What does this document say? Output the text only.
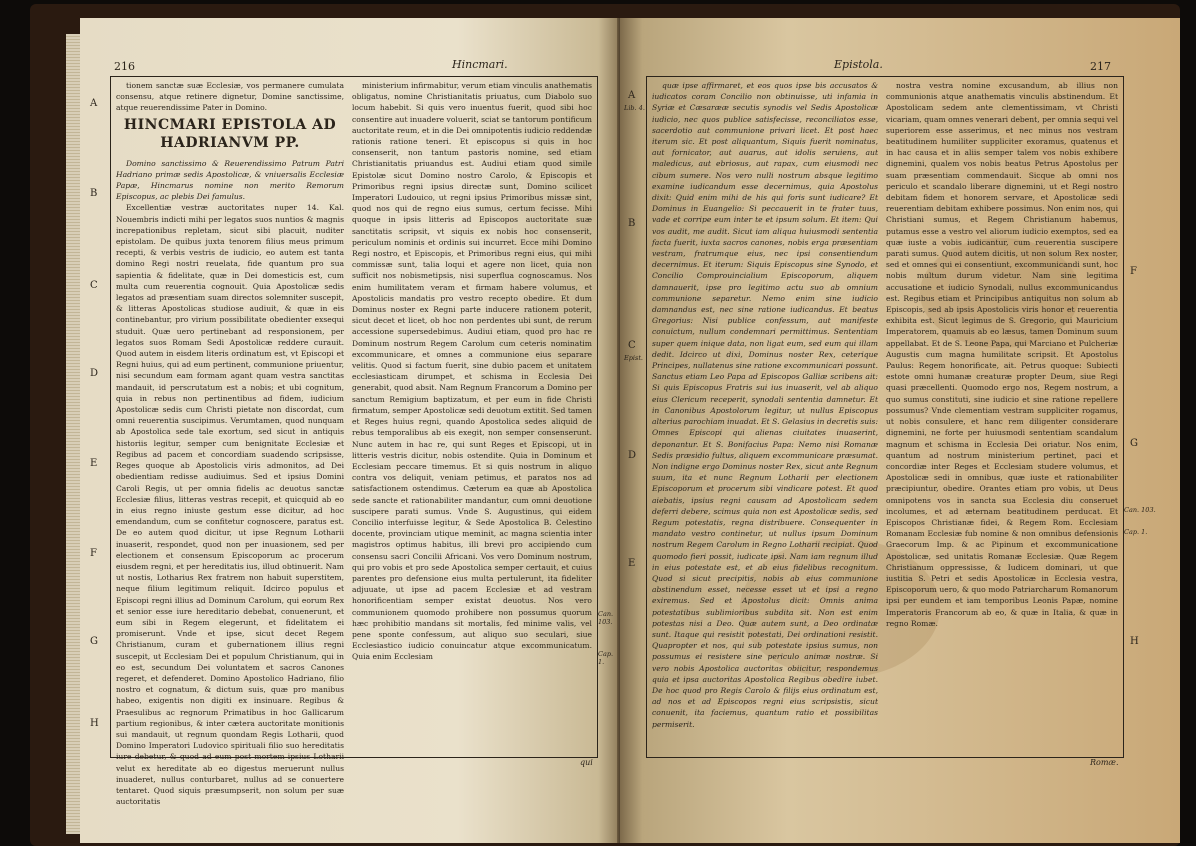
216	Hincmari.

tionem sanctæ suæ Ecclesiæ, vos permanere cumulata consensu, atque retinere dignetur, Domine sanctissime, atque reuerendissime Pater in Domino.

HINCMARI EPISTOLA AD HADRIANVM PP.

Domino sanctissimo & Reuerendissimo Patrum Patri Hadriano primæ sedis Apostolicæ, & vniuersalis Ecclesiæ Papæ, Hincmarus nomine non merito Remorum Episcopus, ac plebis Dei famulus.

Excellentiæ vestræ auctoritates nuper 14. Kal. Nouembris indicti mihi per legatos suos nuntios & magnis increpationibus repletam, sicut sibi placuit, nuditer epistolam. De quibus juxta tenorem filius meus primum recepti, & verbis vestris de iudicio, eo autem est tanta domino Regi nostri reuelata, fide quantum pro sua sapientia & fidelitate, quæ in Dei domesticis est, cum multa cum reuerentia cognouit. Quia Apostolicæ sedis legatos ad præsentiam suam directos solemniter suscepit, & litteras Apostolicas studiose audiuit, & quæ in eis continebantur, pro virium possibilitate obedienter exsequi studuit. Quæ uero pertinebant ad responsionem, per legatos suos Romam Sedi Apostolicæ reddere curauit. Quod autem in eisdem literis ordinatum est, vt Episcopi et Regni huius, qui ad eum pertinent, communione priuentur, nisi secundum eam formam agant quam vestra sanctitas mandauit, id perscrutatum est a nobis; et ubi cognitum, quia in rebus non pertinentibus ad fidem, iudicium Apostolicæ sedis cum Christi pietate non discordat, cum omni reuerentia suscipimus. Verumtamen, quod nunquam ab Apostolica sede tale exortum, sed sicut in antiquis historiis legitur, semper cum benignitate Ecclesiæ et Regibus ad pacem et concordiam suadendo scripsisse, Reges quoque ab Apostolicis viris admonitos, ad Dei obedientiam redisse audiuimus. Sed et ipsius Domini Caroli Regis, ut per omnia fidelis ac deuotus sanctæ Ecclesiæ filius, litteras vestras recepit, et quicquid ab eo in eius regno iniuste gestum esse dicitur, ad hoc emendandum, cum se confitetur cognoscere, paratus est. De eo autem quod dicitur, ut ipse Regnum Lotharii inuaserit, respondet, quod non per inuasionem, sed per electionem et consensum Episcoporum ac procerum eiusdem regni, et per hereditatis ius, illud obtinuerit. Nam ut nostis, Lotharius Rex fratrem non habuit superstitem, neque filium legitimum reliquit. Idcirco populus et Episcopi regni illius ad Dominum Carolum, qui eorum Rex et senior esse iure hereditario debebat, conuenerunt, et eum sibi in Regem elegerunt, et fidelitatem ei promiserunt. Vnde et ipse, sicut decet Regem Christianum, curam et gubernationem illius regni suscepit, ut Ecclesiam Dei et populum Christianum, qui in eo est, secundum Dei voluntatem et sacros Canones regeret, et defenderet. Domino Apostolico Hadriano, filio nostro et cognatum, & dictum suis, quæ pro manibus habeo, exigentis non digiti ex insinuare. Regibus & Praesulibus ac regnorum Primatibus in hoc Gallicarum partium regionibus, & inter cætera auctoritate monitionis sui mandauit, ut regnum quondam Regis Lotharii, quod Domino Imperatori Ludovico spirituali filio suo hereditatis iure debetur, & quod ad eum post mortem ipsius Lotharii velut ex hereditate ab eo digestus meruerunt nullus inuaderet, nullus conturbaret, nullus ad se conuertere tentaret. Quod siquis præsumpserit, non solum per suæ auctoritatis

ministerium infirmabitur, verum etiam vinculis anathematis obligatus, nomine Christianitatis priuatus, cum Diabolo suo locum habebit. Si quis vero inuentus fuerit, quod sibi hoc consentire aut inuadere voluerit, sciat se tantorum pontificum auctoritate reum, et in die Dei omnipotentis iudicio reddendæ rationis ratione teneri. Et episcopus si quis in hoc consenserit, non tantum pastoris nomine, sed etiam Christianitatis priuandus est. Audiui etiam quod simile Epistolæ sicut Domino nostro Carolo, & Episcopis et Primoribus regni ipsius directæ sunt, Domino scilicet Imperatori Ludouico, ut regni ipsius Primoribus missæ sint, quod nos qui de regno eius sumus, certum fecisse. Mihi quoque in ipsis litteris ad Episcopos auctoritate suæ sanctitatis scripsit, vt siquis ex nobis hoc consenserit, periculum nominis et ordinis sui incurret. Ecce mihi Domino Regi nostro, et Episcopis, et Primoribus regni eius, qui mihi commissæ sunt, talia loqui et agere non licet, quia non sufficit nos nobismetipsis, nisi superflua cognoscamus. Nos enim humilitatem veram et firmam habere volumus, et Apostolicis mandatis pro vestro recepto obedire. Et dum Dominus noster ex Regni parte inducere rationem poterit, sicut decet et licet, ob hoc non perdentes ubi sunt, de rerum accessione supersedebimus. Audiui etiam, quod pro hac re Dominum nostrum Regem Carolum cum ceteris nominatim excommunicare, et omnes a communione eius separare velitis. Quod si factum fuerit, sine dubio pacem et unitatem ecclesiasticam dirumpet, et schisma in Ecclesia Dei generabit, quod absit. Nam Regnum Francorum a Domino per sanctum Remigium baptizatum, et per eum in fide Christi firmatum, semper Apostolicæ sedi deuotum extitit. Sed tamen et Reges huius regni, quando Apostolica sedes aliquid de rebus temporalibus ab eis exegit, non semper consenserunt. Nunc autem in hac re, qui sunt Reges et Episcopi, ut in litteris vestris dicitur, nobis ostendite. Quia in Dominum et Ecclesiam peccare timemus. Et si quis nostrum in aliquo contra vos deliquit, veniam petimus, et paratos nos ad satisfactionem ostendimus. Cæterum ea quæ ab Apostolica sede sancte et rationabiliter mandantur, cum omni deuotione suscipere parati sumus. Vnde S. Augustinus, qui eidem Concilio interfuisse legitur, & Sede Apostolica B. Celestino docente, provinciam utique meminit, ac magna scientia inter magistros optimus habitus, illi brevi pro accipiendo cum consensu sacri Concilii Africani. Vos vero Dominum nostrum, qui pro vobis et pro sede Apostolica semper certauit, et cuius parentes pro defensione eius multa pertulerunt, ita fideliter adjuuate, ut ipse ad pacem Ecclesiæ et ad vestram honorificentiam semper existat deuotus. Nos vero communionem quomodo prohibere non possumus quorum hæc prohibitio mandans sit mortalis, fed minime valis, vel pene sponte confessum, aut aliquo suo seculari, siue Ecclesiastico iudicio conuincatur atque excommunicatum. Quia enim Ecclesiam

A
B
C
D
E
F
G
H
Can. 103.
Cap. 1.
qui
Epistola.	217

quæ ipse affirmaret, et eos quos ipse bis accusatos & iudicatos coram Concilio non obtinuisse, uti infamia in Syriæ et Cæsarææ secutis synodis vel Sedis Apostolicæ iudicio, nec quos publice satisfecisse, reconciliatos esse, sacerdotio aut communione privari licet. Et post haec iterum sic. Et post aliquantum, Siquis fuerit nominatus, aut fornicator, aut auarus, aut idolis seruiens, aut maledicus, aut ebriosus, aut rapax, cum eiusmodi nec cibum sumere. Nos vero nulli nostrum absque legitimo examine iudicandum esse decernimus, quia Apostolus dixit: Quid enim mihi de his qui foris sunt iudicare? Et Dominus in Euangelio: Si peccauerit in te frater tuus, vade et corripe eum inter te et ipsum solum. Et item: Qui vos audit, me audit. Sicut iam aliqua huiusmodi sententia facta fuerit, iuxta sacros canones, nobis erga præsentiam vestram, fratrumque eius, nec ipsi consentiendum decernimus. Et iterum: Siquis Episcopus sine Synodo, et Concilio Comprouincialium Episcoporum, aliquem damnauerit, ipse pro legitimo actu suo ab omnium communione separetur. Nemo enim sine iudicio damnandus est, nec sine ratione iudicandus. Et beatus Gregorius: Nisi publice confessum, aut manifeste conuictum, nullum condemnari permittimus. Sententiam super quem inique data, non ligat eum, sed eum qui illam dedit. Idcirco ut dixi, Dominus noster Rex, ceterique Principes, nullatenus sine ratione excommunicari possunt. Sanctus etiam Leo Papa ad Episcopos Galliæ scribens ait: Si quis Episcopus Fratris sui ius inuaserit, vel ab aliquo eius Clericum receperit, synodali sententia damnetur. Et in Canonibus Apostolorum legitur, ut nullus Episcopus alterius parochiam inuadat. Et S. Gelasius in decretis suis: Omnes Episcopi qui alienas ciuitates inuaserint, deponantur. Et S. Bonifacius Papa: Nemo nisi Romanæ Sedis præsidio fultus, aliquem excommunicare præsumat. Non indigne ergo Dominus noster Rex, sicut ante Regnum suum, ita et nunc Regnum Lotharii per electionem Episcoporum et procerum sibi vindicare potest. Et quod aiebatis, ipsius regni causam ad Apostolicam sedem deferri debere, scimus quia non est Apostolicæ sedis, sed Regum potestatis, regna distribuere. Consequenter in mandato vestro continetur, ut nullus ipsum Dominum nostrum Regem Carolum in Regno Lotharii recipiat. Quod quomodo fieri possit, iudicate ipsi. Nam iam regnum illud in eius potestate est, et ab eius fidelibus recognitum. Quod si sicut precipitis, nobis ab eius communione abstinendum esset, necesse esset ut et ipsi a regno exiremus. Sed et Apostolus dicit: Omnis anima potestatibus sublimioribus subdita sit. Non est enim potestas nisi a Deo. Quæ autem sunt, a Deo ordinatæ sunt. Itaque qui resistit potestati, Dei ordinationi resistit. Quapropter et nos, qui sub potestate ipsius sumus, non possumus ei resistere sine periculo animæ nostræ. Si vero nobis Apostolica auctoritas obiicitur, respondemus quia et ipsa auctoritas Apostolica Regibus obedire iubet. De hoc quod pro Regis Carolo & filijs eius ordinatum est, ad nos et ad Episcopos regni eius scripsistis, sicut conuenit, ita faciemus, quantum ratio et possibilitas permiserit.

nostra vestra nomine excusandum, ab illius non communionis atque anathematis vinculis abstinendum. Et Apostolicam sedem ante clementissimam, vt Christi vicariam, quam omnes venerari debent, per omnia sequi vel superiorem esse asserimus, et nec minus nos vestram beatitudinem humiliter suppliciter exoramus, quatenus et in hac causa et in aliis semper talem vos nobis exhibere dignemini, qualem vos nobis beatus Petrus Apostolus per suam præsentiam commendauit. Sicque ab omni nos periculo et scandalo liberare dignemini, ut et Regi nostro debitam fidem et honorem servare, et Apostolicæ sedi reuerentiam debitam exhibere possimus. Non enim nos, qui Christiani sumus, et Regem Christianum habemus, putamus esse a vestro vel aliorum iudicio exemptos, sed ea quæ iuste a vobis iudicantur, cum reuerentia suscipere parati sumus. Quod autem dicitis, ut non solum Rex noster, sed et omnes qui ei consentiunt, excommunicandi sunt, hoc nobis multum durum videtur. Nam sine legitima accusatione et iudicio Synodali, nullus excommunicandus est. Regibus etiam et Principibus antiquitus non solum ab Episcopis, sed ab ipsis Apostolicis viris honor et reuerentia exhibita est. Sicut legimus de S. Gregorio, qui Mauricium Imperatorem, quamuis ab eo læsus, tamen Dominum suum appellabat. Et de S. Leone Papa, qui Marciano et Pulcheriæ Augustis cum magna humilitate scripsit. Et Apostolus Paulus: Regem honorificate, ait. Petrus quoque: Subiecti estote omni humanæ creaturæ propter Deum, siue Regi quasi præcellenti. Quomodo ergo nos, Regem nostrum, a quo sumus constituti, sine iudicio et sine ratione repellere possumus? Vnde clementiam vestram suppliciter rogamus, ut nobis consulere, et hanc rem diligenter considerare dignemini, ne forte per huiusmodi sententiam scandalum magnum et schisma in Ecclesia Dei oriatur. Nos enim, quantum ad nostrum ministerium pertinet, paci et concordiæ inter Reges et Ecclesiam studere volumus, et Apostolicæ sedi in omnibus, quæ iuste et rationabiliter præcipiuntur, obedire. Orantes etiam pro vobis, ut Deus omnipotens vos in sancta sua Ecclesia diu conseruet incolumes, et ad æternam beatitudinem perducat. Et Episcopos Christianæ fidei, & Regem Rom. Ecclesiam Romanam Ecclesiæ fub nomine & non omnibus defensionis Graecorum Imp. & ac Pipinum et excommunicatione Apostolicæ, sed unitatis Romanæ Ecclesiæ. Quæ Regem Christianum oppressisse, & Iudicem dominari, ut que iustitia S. Petri et sedis Apostolicæ in Ecclesia vestra, Episcoporum uero, & quo modo Patriarcharum Romanorum ipsi per eundem et iam temporibus Leonis Papæ, nomine Imperatoris Francorum ab eo, & quæ in Italia, & quæ in regno Romæ.

A
B
C
D
E
F
G
H
Lib. 4.
Epist.
Can. 103.
Cap. 1.
Romæ.
